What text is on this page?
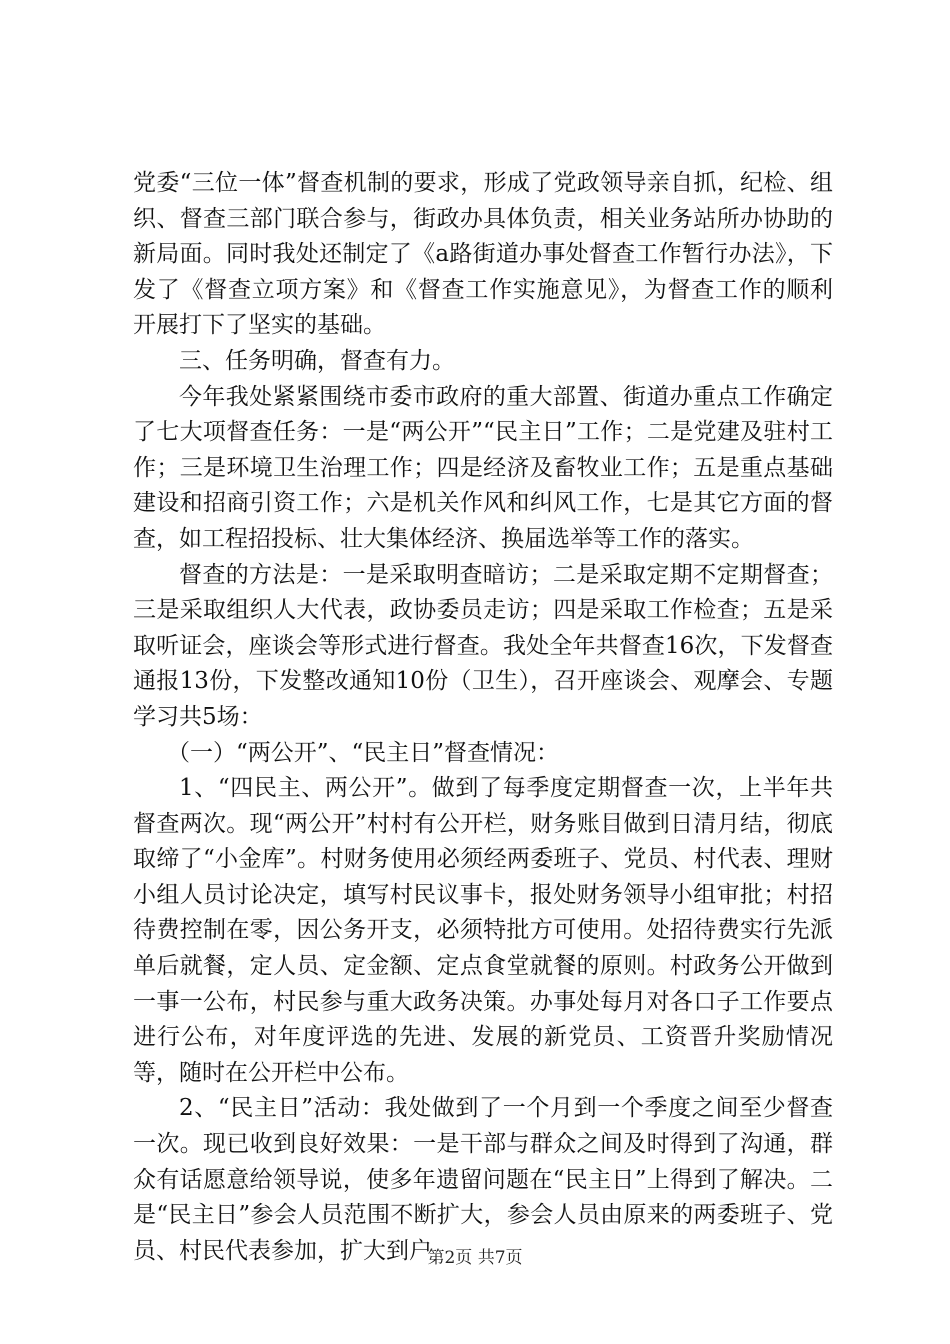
党委“三位一体”督查机制的要求，形成了党政领导亲自抓，纪检、组织、督查三部门联合参与，街政办具体负责，相关业务站所办协助的新局面。同时我处还制定了《a路街道办事处督查工作暂行办法》，下发了《督查立项方案》和《督查工作实施意见》，为督查工作的顺利开展打下了坚实的基础。

三、任务明确，督查有力。

今年我处紧紧围绕市委市政府的重大部置、街道办重点工作确定了七大项督查任务：一是“两公开”“民主日”工作；二是党建及驻村工作；三是环境卫生治理工作；四是经济及畜牧业工作；五是重点基础建设和招商引资工作；六是机关作风和纠风工作，七是其它方面的督查，如工程招投标、壮大集体经济、换届选举等工作的落实。

督查的方法是：一是采取明查暗访；二是采取定期不定期督查；三是采取组织人大代表，政协委员走访；四是采取工作检查；五是采取听证会，座谈会等形式进行督查。我处全年共督查16次，下发督查通报13份，下发整改通知10份（卫生），召开座谈会、观摩会、专题学习共5场：

（一）“两公开”、“民主日”督查情况：

1、“四民主、两公开”。做到了每季度定期督查一次，上半年共督查两次。现“两公开”村村有公开栏，财务账目做到日清月结，彻底取缔了“小金库”。村财务使用必须经两委班子、党员、村代表、理财小组人员讨论决定，填写村民议事卡，报处财务领导小组审批；村招待费控制在零，因公务开支，必须特批方可使用。处招待费实行先派单后就餐，定人员、定金额、定点食堂就餐的原则。村政务公开做到一事一公布，村民参与重大政务决策。办事处每月对各口子工作要点进行公布，对年度评选的先进、发展的新党员、工资晋升奖励情况等，随时在公开栏中公布。

2、“民主日”活动：我处做到了一个月到一个季度之间至少督查一次。现已收到良好效果：一是干部与群众之间及时得到了沟通，群众有话愿意给领导说，使多年遗留问题在“民主日”上得到了解决。二是“民主日”参会人员范围不断扩大，参会人员由原来的两委班子、党员、村民代表参加，扩大到户

第2页 共7页
